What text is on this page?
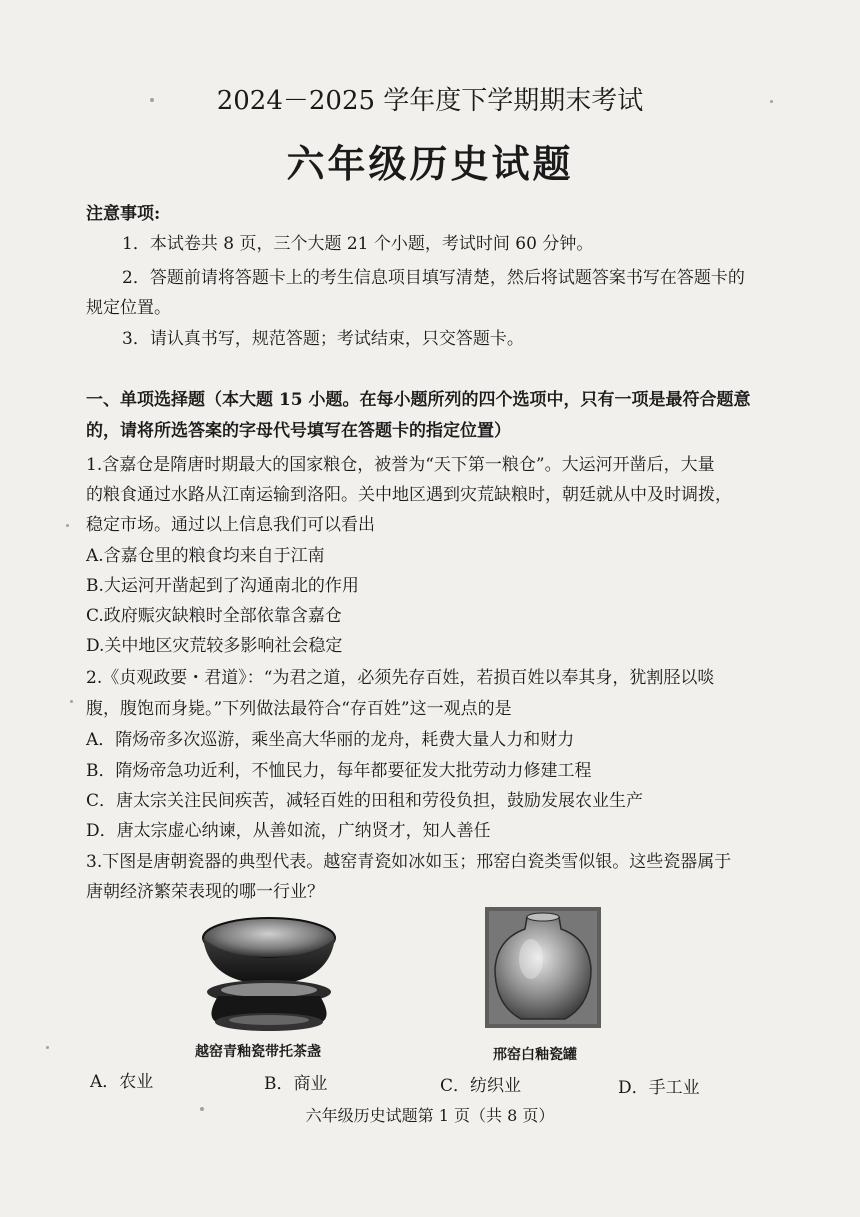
2024－2025 学年度下学期期末考试
六年级历史试题
注意事项:
1．本试卷共 8 页，三个大题 21 个小题，考试时间 60 分钟。
2．答题前请将答题卡上的考生信息项目填写清楚，然后将试题答案书写在答题卡的
规定位置。
3．请认真书写，规范答题；考试结束，只交答题卡。
一、单项选择题（本大题 15 小题。在每小题所列的四个选项中，只有一项是最符合题意
的，请将所选答案的字母代号填写在答题卡的指定位置）
1.含嘉仓是隋唐时期最大的国家粮仓，被誉为“天下第一粮仓”。大运河开凿后，大量
的粮食通过水路从江南运输到洛阳。关中地区遇到灾荒缺粮时，朝廷就从中及时调拨，
稳定市场。通过以上信息我们可以看出
A.含嘉仓里的粮食均来自于江南
B.大运河开凿起到了沟通南北的作用
C.政府赈灾缺粮时全部依靠含嘉仓
D.关中地区灾荒较多影响社会稳定
2.《贞观政要・君道》：“为君之道，必须先存百姓，若损百姓以奉其身，犹割胫以啖
腹，腹饱而身毙。”下列做法最符合“存百姓”这一观点的是
A．隋炀帝多次巡游，乘坐高大华丽的龙舟，耗费大量人力和财力
B．隋炀帝急功近利，不恤民力，每年都要征发大批劳动力修建工程
C．唐太宗关注民间疾苦，减轻百姓的田租和劳役负担，鼓励发展农业生产
D．唐太宗虚心纳谏，从善如流，广纳贤才，知人善任
3.下图是唐朝瓷器的典型代表。越窑青瓷如冰如玉；邢窑白瓷类雪似银。这些瓷器属于
唐朝经济繁荣表现的哪一行业？
越窑青釉瓷带托茶盏	邢窑白釉瓷罐
A．农业	B．商业	C．纺织业	D．手工业
六年级历史试题第 1 页（共 8 页）
